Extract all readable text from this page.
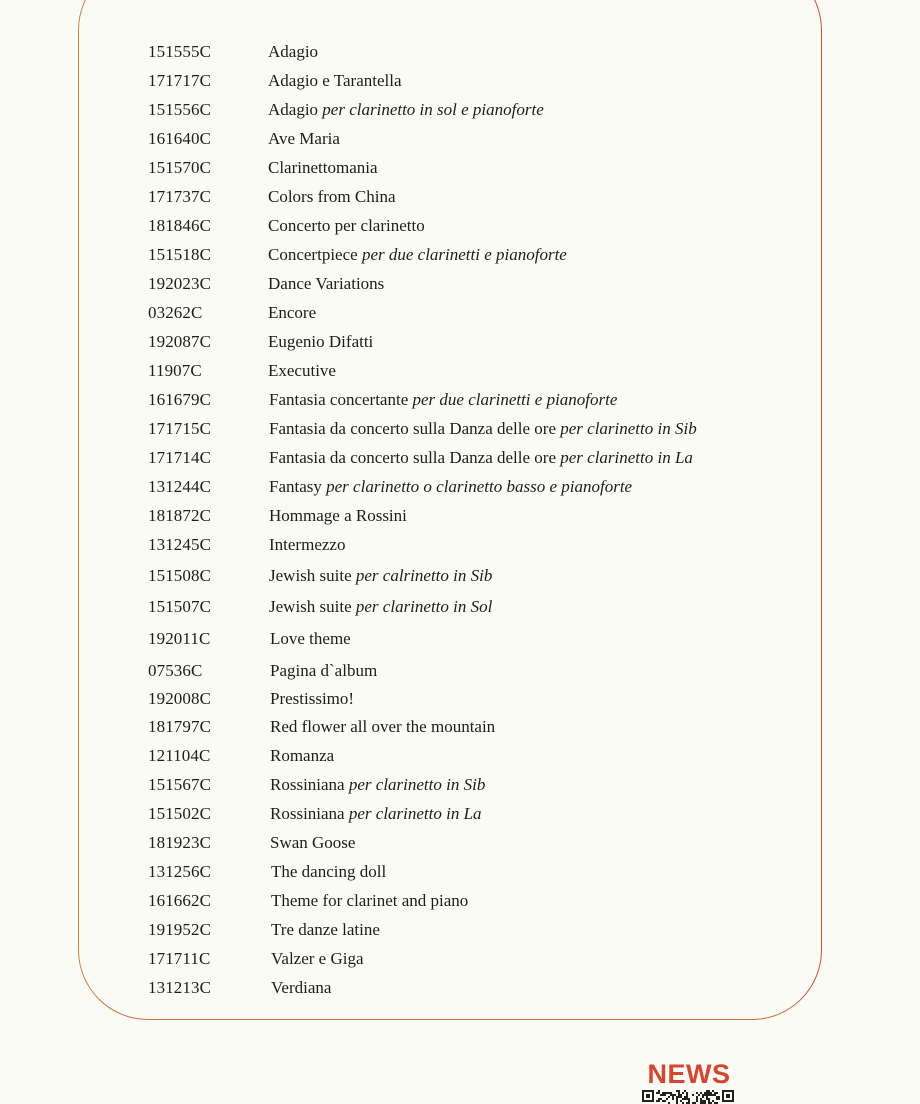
151555C	Adagio
171717C	Adagio e Tarantella
151556C	Adagio per clarinetto in sol e pianoforte
161640C	Ave Maria
151570C	Clarinettomania
171737C	Colors from China
181846C	Concerto per clarinetto
151518C	Concertpiece per due clarinetti e pianoforte
192023C	Dance Variations
03262C	Encore
192087C	Eugenio Difatti
11907C	Executive
161679C	Fantasia concertante per due clarinetti e pianoforte
171715C	Fantasia da concerto sulla Danza delle ore per clarinetto in Sib
171714C	Fantasia da concerto sulla Danza delle ore per clarinetto in La
131244C	Fantasy per clarinetto o clarinetto basso e pianoforte
181872C	Hommage a Rossini
131245C	Intermezzo
151508C	Jewish suite per calrinetto in Sib
151507C	Jewish suite per clarinetto in Sol
192011C	Love theme
07536C	Pagina d`album
192008C	Prestissimo!
181797C	Red flower all over the mountain
121104C	Romanza
151567C	Rossiniana per clarinetto in Sib
151502C	Rossiniana per clarinetto in La
181923C	Swan Goose
131256C	The dancing doll
161662C	Theme for clarinet and piano
191952C	Tre danze latine
171711C	Valzer e Giga
131213C	Verdiana
NEWS
